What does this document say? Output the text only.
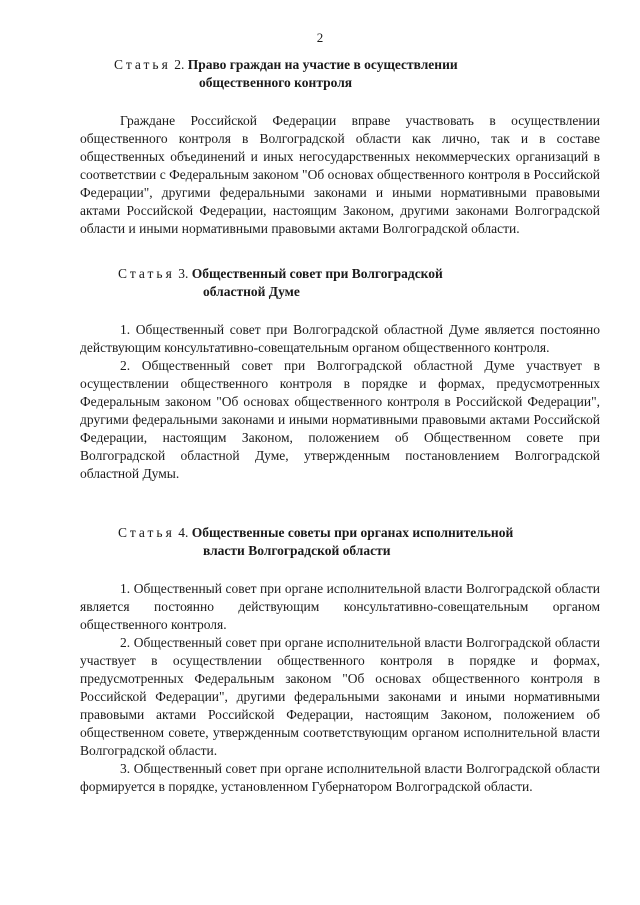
2
Статья 2. Право граждан на участие в осуществлении
общественного контроля

Граждане Российской Федерации вправе участвовать в осуществлении общественного контроля в Волгоградской области как лично, так и в составе общественных объединений и иных негосударственных некоммерческих организаций в соответствии с Федеральным законом "Об основах общественного контроля в Российской Федерации", другими федеральными законами и иными нормативными правовыми актами Российской Федерации, настоящим Законом, другими законами Волгоградской области и иными нормативными правовыми актами Волгоградской области.

Статья 3. Общественный совет при Волгоградской
областной Думе

1. Общественный совет при Волгоградской областной Думе является постоянно действующим консультативно-совещательным органом общественного контроля.

2. Общественный совет при Волгоградской областной Думе участвует в осуществлении общественного контроля в порядке и формах, предусмотренных Федеральным законом "Об основах общественного контроля в Российской Федерации", другими федеральными законами и иными нормативными правовыми актами Российской Федерации, настоящим Законом, положением об Общественном совете при Волгоградской областной Думе, утвержденным постановлением Волгоградской областной Думы.

Статья 4. Общественные советы при органах исполнительной
власти Волгоградской области

1. Общественный совет при органе исполнительной власти Волгоградской области является постоянно действующим консультативно-совещательным органом общественного контроля.

2. Общественный совет при органе исполнительной власти Волгоградской области участвует в осуществлении общественного контроля в порядке и формах, предусмотренных Федеральным законом "Об основах общественного контроля в Российской Федерации", другими федеральными законами и иными нормативными правовыми актами Российской Федерации, настоящим Законом, положением об общественном совете, утвержденным соответствующим органом исполнительной власти Волгоградской области.

3. Общественный совет при органе исполнительной власти Волгоградской области формируется в порядке, установленном Губернатором Волгоградской области.
